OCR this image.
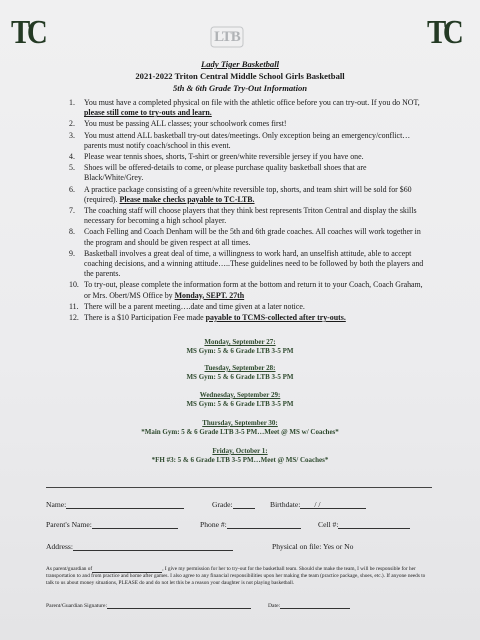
TC	TC
LTB
Lady Tiger Basketball
2021-2022 Triton Central Middle School Girls Basketball
5th & 6th Grade Try-Out Information
1. You must have a completed physical on file with the athletic office before you can try-out. If you do NOT, please still come to try-outs and learn.
2. You must be passing ALL classes; your schoolwork comes first!
3. You must attend ALL basketball try-out dates/meetings. Only exception being an emergency/conflict…parents must notify coach/school in this event.
4. Please wear tennis shoes, shorts, T-shirt or green/white reversible jersey if you have one.
5. Shoes will be offered-details to come, or please purchase quality basketball shoes that are Black/White/Grey.
6. A practice package consisting of a green/white reversible top, shorts, and team shirt will be sold for $60 (required). Please make checks payable to TC-LTB.
7. The coaching staff will choose players that they think best represents Triton Central and display the skills necessary for becoming a high school player.
8. Coach Felling and Coach Denham will be the 5th and 6th grade coaches. All coaches will work together in the program and should be given respect at all times.
9. Basketball involves a great deal of time, a willingness to work hard, an unselfish attitude, able to accept coaching decisions, and a winning attitude…..These guidelines need to be followed by both the players and the parents.
10. To try-out, please complete the information form at the bottom and return it to your Coach, Coach Graham, or Mrs. Obert/MS Office by Monday, SEPT. 27th
11. There will be a parent meeting….date and time given at a later notice.
12. There is a $10 Participation Fee made payable to TCMS-collected after try-outs.
Monday, September 27:
MS Gym: 5 & 6 Grade LTB 3-5 PM
Tuesday, September 28:
MS Gym: 5 & 6 Grade LTB 3-5 PM
Wednesday, September 29:
MS Gym: 5 & 6 Grade LTB 3-5 PM
Thursday, September 30:
*Main Gym: 5 & 6 Grade LTB 3-5 PM…Meet @ MS w/ Coaches*
Friday, October 1:
*FH #3: 5 & 6 Grade LTB 3-5 PM…Meet @ MS/ Coaches*
Name:	Grade:	Birthdate: / /
Parent's Name:	Phone #:	Cell #:
Address:	Physical on file: Yes or No
As parent/guardian of	, I give my permission for her to try-out for the basketball team. Should she make the team, I will be responsible for her transportation to and from practice and home after games. I also agree to any financial responsibilities upon her making the team (practice package, shoes, etc.). If anyone needs to talk to us about money situations, PLEASE do and do not let this be a reason your daughter is not playing basketball.
Parent/Guardian Signature:	Date:
